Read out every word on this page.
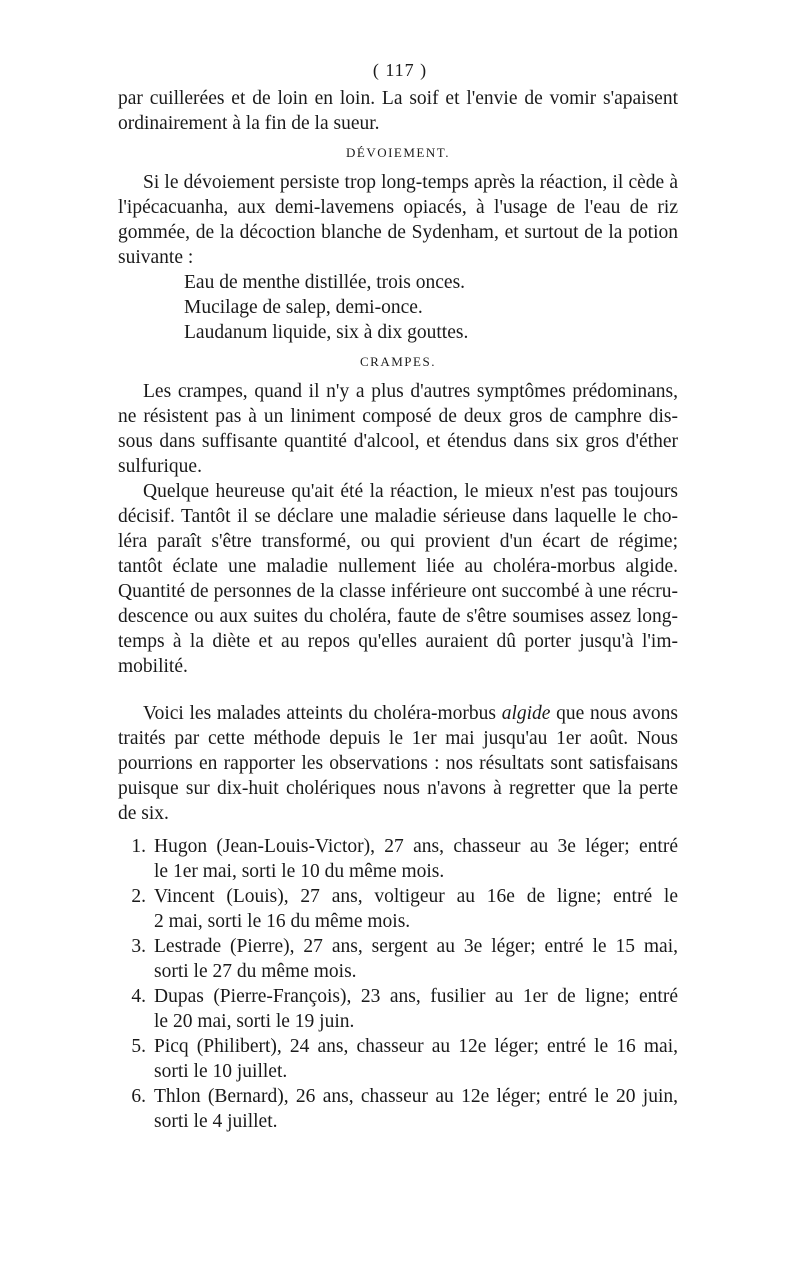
( 117 )
par cuillerées et de loin en loin. La soif et l'envie de vomir s'apaisent
ordinairement à la fin de la sueur.
DÉVOIEMENT.
Si le dévoiement persiste trop long-temps après la réaction, il cède à
l'ipécacuanha, aux demi-lavemens opiacés, à l'usage de l'eau de riz
gommée, de la décoction blanche de Sydenham, et surtout de la potion
suivante :
Eau de menthe distillée, trois onces.
Mucilage de salep, demi-once.
Laudanum liquide, six à dix gouttes.
CRAMPES.
Les crampes, quand il n'y a plus d'autres symptômes prédominans,
ne résistent pas à un liniment composé de deux gros de camphre dis-
sous dans suffisante quantité d'alcool, et étendus dans six gros d'éther
sulfurique.
Quelque heureuse qu'ait été la réaction, le mieux n'est pas toujours
décisif. Tantôt il se déclare une maladie sérieuse dans laquelle le cho-
léra paraît s'être transformé, ou qui provient d'un écart de régime;
tantôt éclate une maladie nullement liée au choléra-morbus algide.
Quantité de personnes de la classe inférieure ont succombé à une récru-
descence ou aux suites du choléra, faute de s'être soumises assez long-
temps à la diète et au repos qu'elles auraient dû porter jusqu'à l'im-
mobilité.
Voici les malades atteints du choléra-morbus algide que nous avons
traités par cette méthode depuis le 1er mai jusqu'au 1er août. Nous
pourrions en rapporter les observations : nos résultats sont satisfaisans
puisque sur dix-huit cholériques nous n'avons à regretter que la perte
de six.
1. Hugon (Jean-Louis-Victor), 27 ans, chasseur au 3e léger; entré
le 1er mai, sorti le 10 du même mois.
2. Vincent (Louis), 27 ans, voltigeur au 16e de ligne; entré le
2 mai, sorti le 16 du même mois.
3. Lestrade (Pierre), 27 ans, sergent au 3e léger; entré le 15 mai,
sorti le 27 du même mois.
4. Dupas (Pierre-François), 23 ans, fusilier au 1er de ligne; entré
le 20 mai, sorti le 19 juin.
5. Picq (Philibert), 24 ans, chasseur au 12e léger; entré le 16 mai,
sorti le 10 juillet.
6. Thlon (Bernard), 26 ans, chasseur au 12e léger; entré le 20 juin,
sorti le 4 juillet.
